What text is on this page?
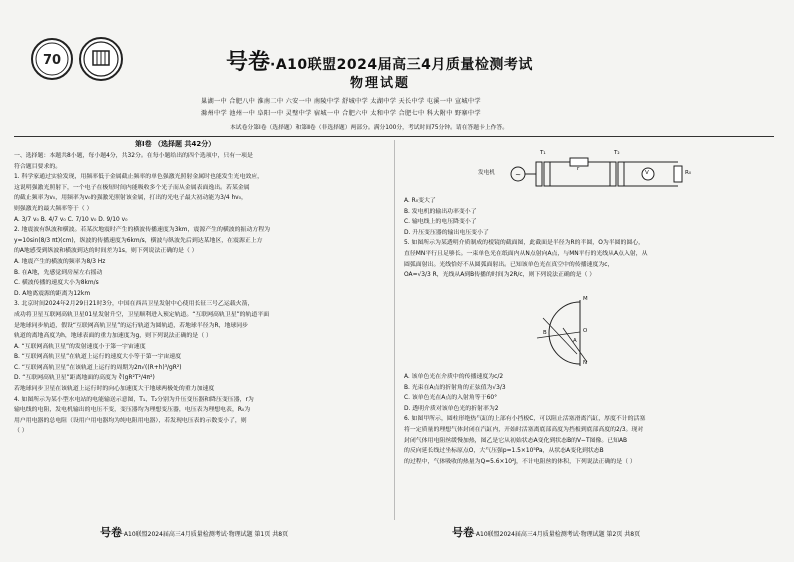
70	号卷·A10联盟2024届高三4月质量检测考试
物理试题
巢湖一中 合肥八中 淮南二中 六安一中 南陵中学 舒城中学 太湖中学 天长中学 屯溪一中 宣城中学
滁州中学 池州一中 阜阳一中 灵璧中学 宿城一中 合肥六中 太和中学 合肥七中 科大附中 野寨中学
本试卷分第Ⅰ卷（选择题）和第Ⅱ卷（非选择题）两部分。满分100分，考试时间75分钟。请在答题卡上作答。
第Ⅰ卷 （选择题 共42分）

一、选择题：本题共8小题，每小题4分，共32分。在每小题给出的四个选项中，只有一项是

符合题目要求的。

1. 科学家通过实验发现，用频率低于金属截止频率的单色强激光照射金属时也能发生光电效应，

这说明强激光照射下，一个电子在极短时间内能吸收多个光子而从金属表面逸出。若某金属

的截止频率为v₀，用频率为v₀的强激光照射该金属，打出的光电子最大初动能为3/4 hv₀，

则强激光的最大频率等于（ ）

A. 3/7 v₀ B. 4/7 v₀ C. 7/10 v₀ D. 9/10 v₀

2. 地震波有纵波和横波。若某次地震时产生的横波传播速度为3km，震源产生的横波的振动方程为

y=10sin(8/3 πt)(cm)，纵波的传播速度为6km/s，横波与纵波先后到达某地区，在震源正上方

的A地感受到纵波和横波到达的时间差为1s，则下列说法正确的是（ ）

A. 地震产生的横波的频率为8/3 Hz

B. 在A地，先感觉到房屋左右摇动

C. 横波传播的速度大小为8km/s

D. A地离震源的距离为12km

3. 北京时间2024年2月29日21时3分，中国在西昌卫星发射中心使用长征三号乙运载火箭，

成功将卫星互联网高轨卫星01星发射升空，卫星顺利进入预定轨道。“互联网高轨卫星”的轨道平面

是地球同步轨道，假设“互联网高轨卫星”的运行轨道为圆轨道，若地球半径为R，地球同步

轨道的离地高度为h，地球表面的重力加速度为g，则下列说法正确的是（ ）

A. “互联网高轨卫星”的发射速度小于第一宇宙速度

B. “互联网高轨卫星”在轨道上运行的速度大小等于第一宇宙速度

C. “互联网高轨卫星”在该轨道上运行的周期为2π√((R+h)³/gR²)

D. “互联网高轨卫星”距离地面的高度为 ∛(gR²T²/4π²)

若地球同步卫星在该轨道上运行时的向心加速度大于地球两极处的重力加速度

4. 如图所示为某小型水电站的电能输送示意图，T₁、T₂分别为升压变压器和降压变压器，r为

输电线的电阻，发电机输出的电压不变，变压器均为理想变压器，电压表为理想电表，R₀为

用户用电器的总电阻（设用户用电器均为纯电阻用电器），若发现电压表的示数变小了，则

（ ）

~
发电机
T₁	T₂
r
V	R₀

A. R₀变大了

B. 发电机的输出功率变小了

C. 输电线上的电压降变小了

D. 升压变压器的输出电压变小了

5. 如图所示为某透明介质制成的棱镜的截面图，此截面是半径为R的半圆，O为半圆的圆心，

直径MN平行且足够长。一束单色光在纸面内从N点射向A点，与MN平行的光线从A点入射，从

圆弧面射出。光线恰好不从圆弧面射出。已知该单色光在真空中的传播速度为c，

OA=√3/3 R，光线从A到B传播的时间为2R/c，则下列说法正确的是（ ）

M
N
O
A
B

A. 该单色光在介质中的传播速度为c/2

B. 光束在A点的折射角的正弦值为√3/3

C. 该单色光在A点的入射角等于60°

D. 透明介质对该单色光的折射率为2

6. 如图甲所示，圆柱形绝热气缸的上部有小挡板C，可以阻止活塞滑离汽缸，厚度不计的活塞

将一定质量的理想气体封闭在汽缸内，开始时活塞离底部高度为挡板到底部高度的2/3。现对

封闭气体用电阻丝缓慢加热，图乙是它从初始状态A变化到状态B的V−T图像。已知AB

的反向延长线过坐标原点O，大气压强p=1.5×10⁵Pa，从状态A变化到状态B

的过程中，气体吸收的热量为Q=5.6×10²J，不计电阻丝的体积，下列说法正确的是（ ）

号卷·A10联盟2024届高三4月质量检测考试·物理试题 第1页 共8页	号卷·A10联盟2024届高三4月质量检测考试·物理试题 第2页 共8页
